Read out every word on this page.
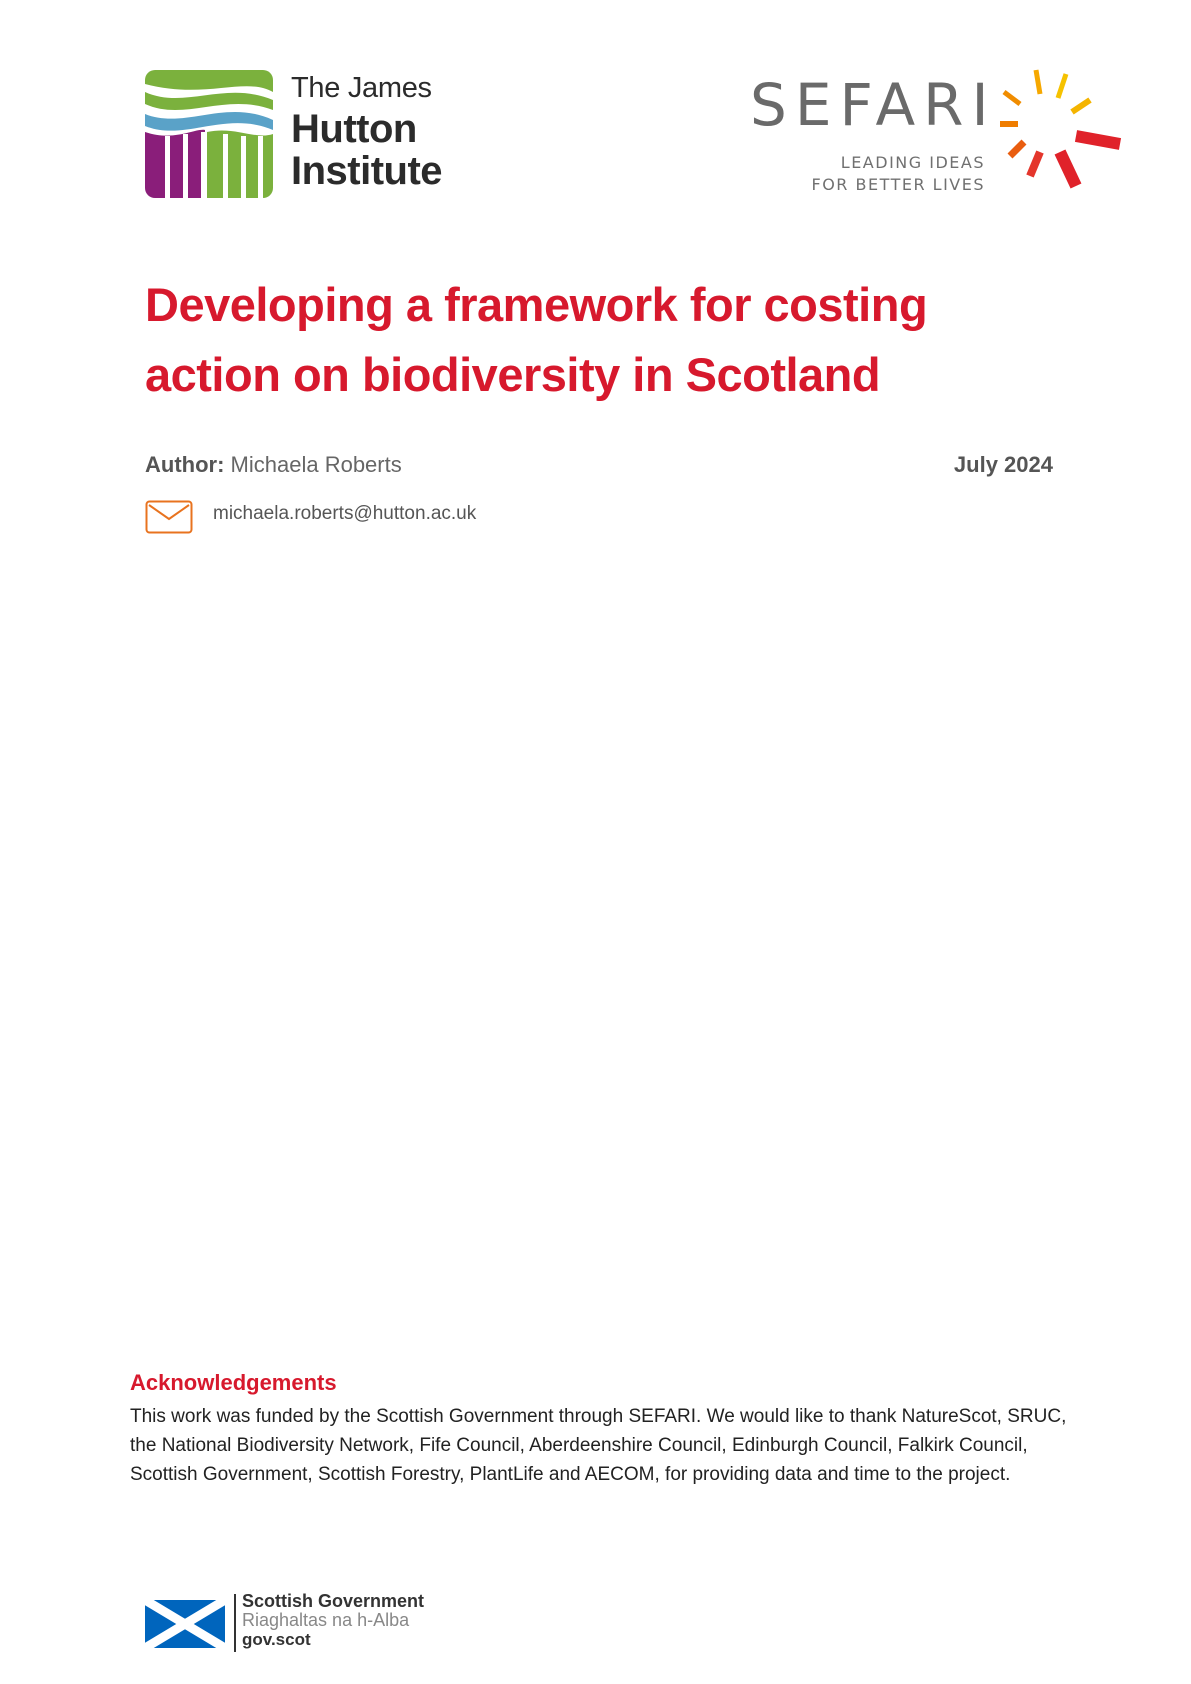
The James
Hutton
Institute
SEFARI
LEADING IDEAS
FOR BETTER LIVES
Developing a framework for costing
action on biodiversity in Scotland
Author: Michaela Roberts	July 2024
michaela.roberts@hutton.ac.uk
Acknowledgements
This work was funded by the Scottish Government through SEFARI. We would like to thank NatureScot, SRUC, the National Biodiversity Network, Fife Council, Aberdeenshire Council, Edinburgh Council, Falkirk Council, Scottish Government, Scottish Forestry, PlantLife and AECOM, for providing data and time to the project.
Scottish Government
Riaghaltas na h-Alba
gov.scot
